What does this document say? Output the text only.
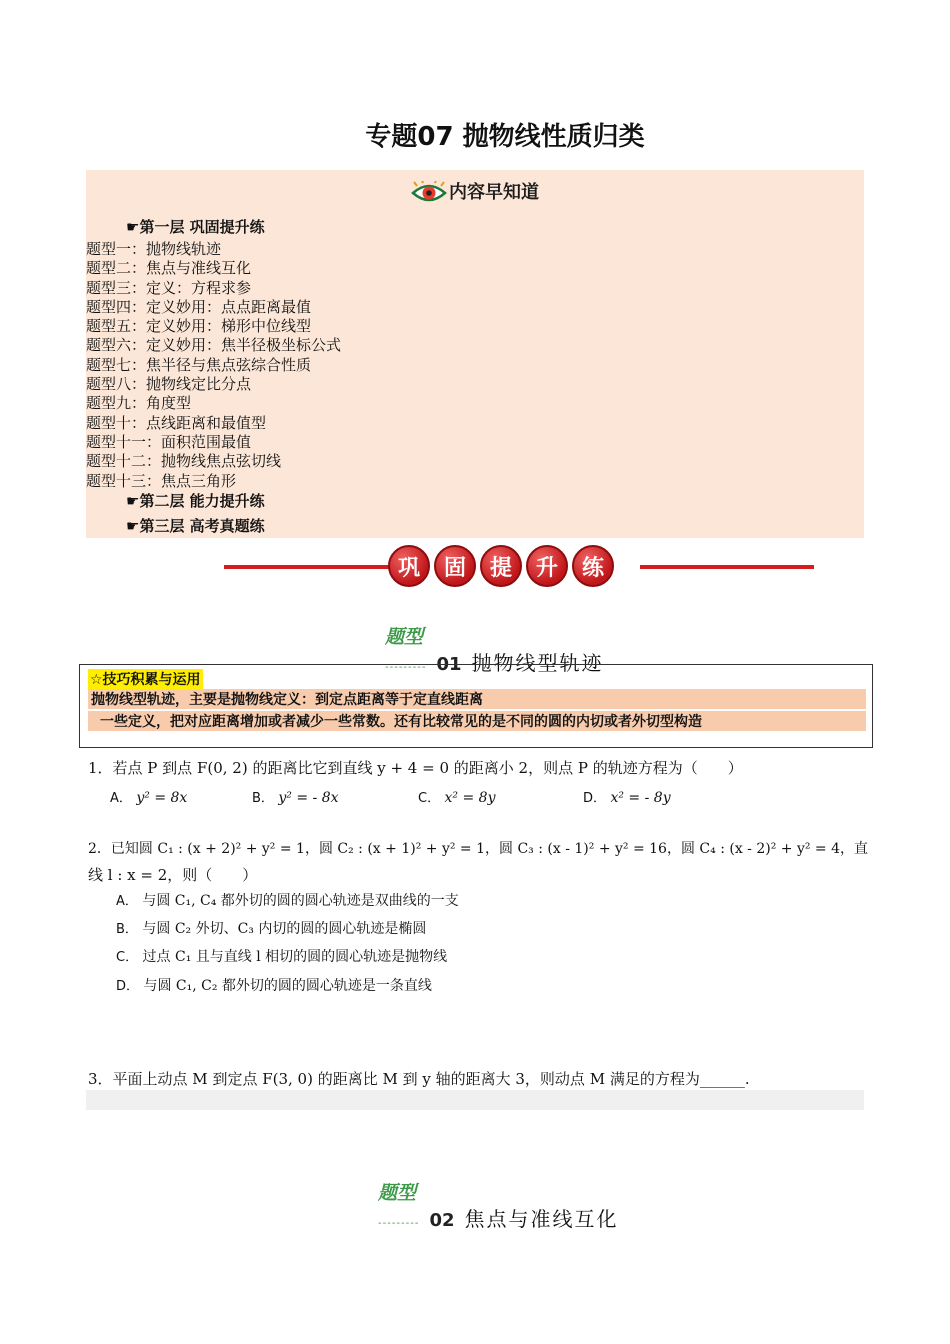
专题07 抛物线性质归类
内容早知道
☛第一层 巩固提升练
题型一：抛物线轨迹
题型二：焦点与准线互化
题型三：定义：方程求参
题型四：定义妙用：点点距离最值
题型五：定义妙用：梯形中位线型
题型六：定义妙用：焦半径极坐标公式
题型七：焦半径与焦点弦综合性质
题型八：抛物线定比分点
题型九：角度型
题型十：点线距离和最值型
题型十一：面积范围最值
题型十二：抛物线焦点弦切线
题型十三：焦点三角形
☛第二层 能力提升练
☛第三层 高考真题练
巩	固	提	升	练
题型
--------- 01 抛物线型轨迹
☆技巧积累与运用
抛物线型轨迹，主要是抛物线定义：到定点距离等于定直线距离
一些定义，把对应距离增加或者减少一些常数。还有比较常见的是不同的圆的内切或者外切型构造
1．若点 P 到点 F(0, 2) 的距离比它到直线 y + 4 = 0 的距离小 2，则点 P 的轨迹方程为（　　）
A． y² = 8x	B． y² = - 8x	C． x² = 8y	D． x² = - 8y
2．已知圆 C₁ : (x + 2)² + y² = 1，圆 C₂ : (x + 1)² + y² = 1，圆 C₃ : (x - 1)² + y² = 16，圆 C₄ : (x - 2)² + y² = 4，直
线 l : x = 2，则（　　）
A． 与圆 C₁, C₄ 都外切的圆的圆心轨迹是双曲线的一支
B． 与圆 C₂ 外切、C₃ 内切的圆的圆心轨迹是椭圆
C． 过点 C₁ 且与直线 l 相切的圆的圆心轨迹是抛物线
D． 与圆 C₁, C₂ 都外切的圆的圆心轨迹是一条直线
3．平面上动点 M 到定点 F(3, 0) 的距离比 M 到 y 轴的距离大 3，则动点 M 满足的方程为______.
题型
--------- 02 焦点与准线互化
